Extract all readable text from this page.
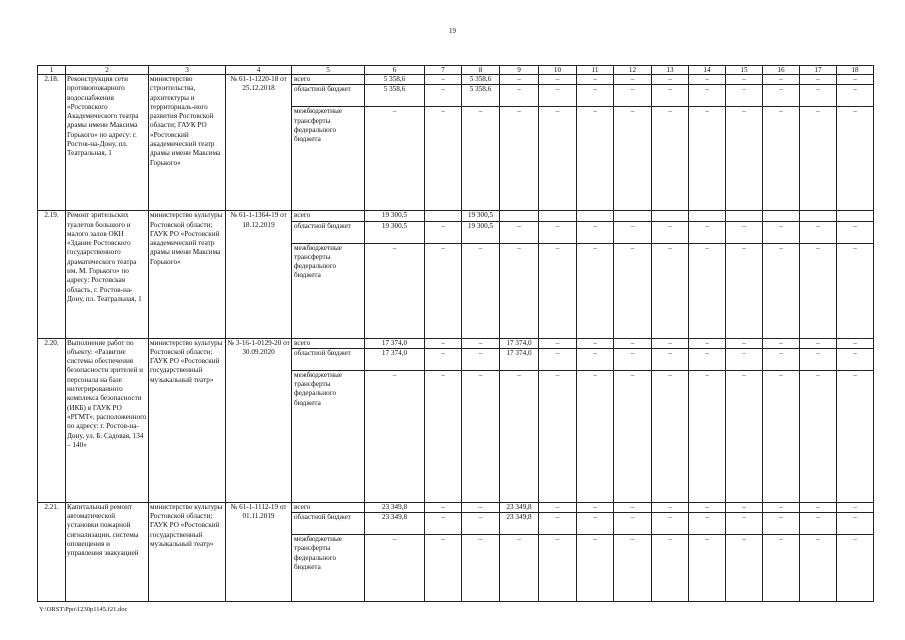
19
1	2	3	4	5	6	7	8	9	10	11	12	13	14	15	16	17	18
2.18.	Реконструкция сети противопожарного водоснабжения «Ростовского Академического театра драмы имени Максима Горького» по адресу: г. Ростов-на-Дону, пл. Театральная, 1	министерство строительства, архитектуры и территориаль-ного развития Ростовской области; ГАУК РО «Ростовский академический театр драмы имени Максима Горького»	№ 61-1-1220-18 от 25.12.2018	всего	5 358,6	–	5 358,6	–	–	–	–	–	–	–	–	–	–
				областной бюджет	5 358,6	–	5 358,6	–	–	–	–	–	–	–	–	–	–
				межбюджетные трансферты федерального бюджета	–	–	–	–	–	–	–	–	–	–	–	–	–
2.19.	Ремонт зрительских туалетов большого и малого залов ОКН «Здание Ростовского государственного драматического театра им. М. Горького» по адресу: Ростовская область, г. Ростов-на-Дону, пл. Театральная, 1	министерство культуры Ростовской области; ГАУК РО «Ростовский академический театр драмы имени Максима Горького»	№ 61-1-1364-19 от 18.12.2019	всего	19 300,5		19 300,5										
				областной бюджет	19 300,5	–	19 300,5	–	–	–	–	–	–	–	–	–	–
				межбюджетные трансферты федерального бюджета	–	–	–	–	–	–	–	–	–	–	–	–	–
2.20.	Выполнение работ по объекту: «Развитие системы обеспечения безопасности зрителей и персонала на базе интегрированного комплекса безопасности (ИКБ) в ГАУК РО «РГМТ», расположенного по адресу: г. Ростов-на-Дону, ул. Б. Садовая, 134 – 140»	министерство культуры Ростовской области; ГАУК РО «Ростовский государственный музыкальный театр»	№ 3-16-1-0129-20 от 30.09.2020	всего	17 374,0	–	–	17 374,0	–	–	–	–	–	–	–	–	–
				областной бюджет	17 374,0	–	–	17 374,0	–	–	–	–	–	–	–	–	–
				межбюджетные трансферты федерального бюджета	–	–	–	–	–	–	–	–	–	–	–	–	–
2.21.	Капитальный ремонт автоматической установки пожарной сигнализации, системы оповещения и управления эвакуацией	министерство культуры Ростовской области; ГАУК РО «Ростовский государственный музыкальный театр»	№ 61-1-1112-19 от 01.11.2019	всего	23 349,8	–	–	23 349,8	–	–	–	–	–	–	–	–	–
				областной бюджет	23 349,8	–	–	23 349,8	–	–	–	–	–	–	–	–	–
				межбюджетные трансферты федерального бюджета	–	–	–	–	–	–	–	–	–	–	–	–	–
Y:\ORST\Ppo\1230p1145.f21.doc
